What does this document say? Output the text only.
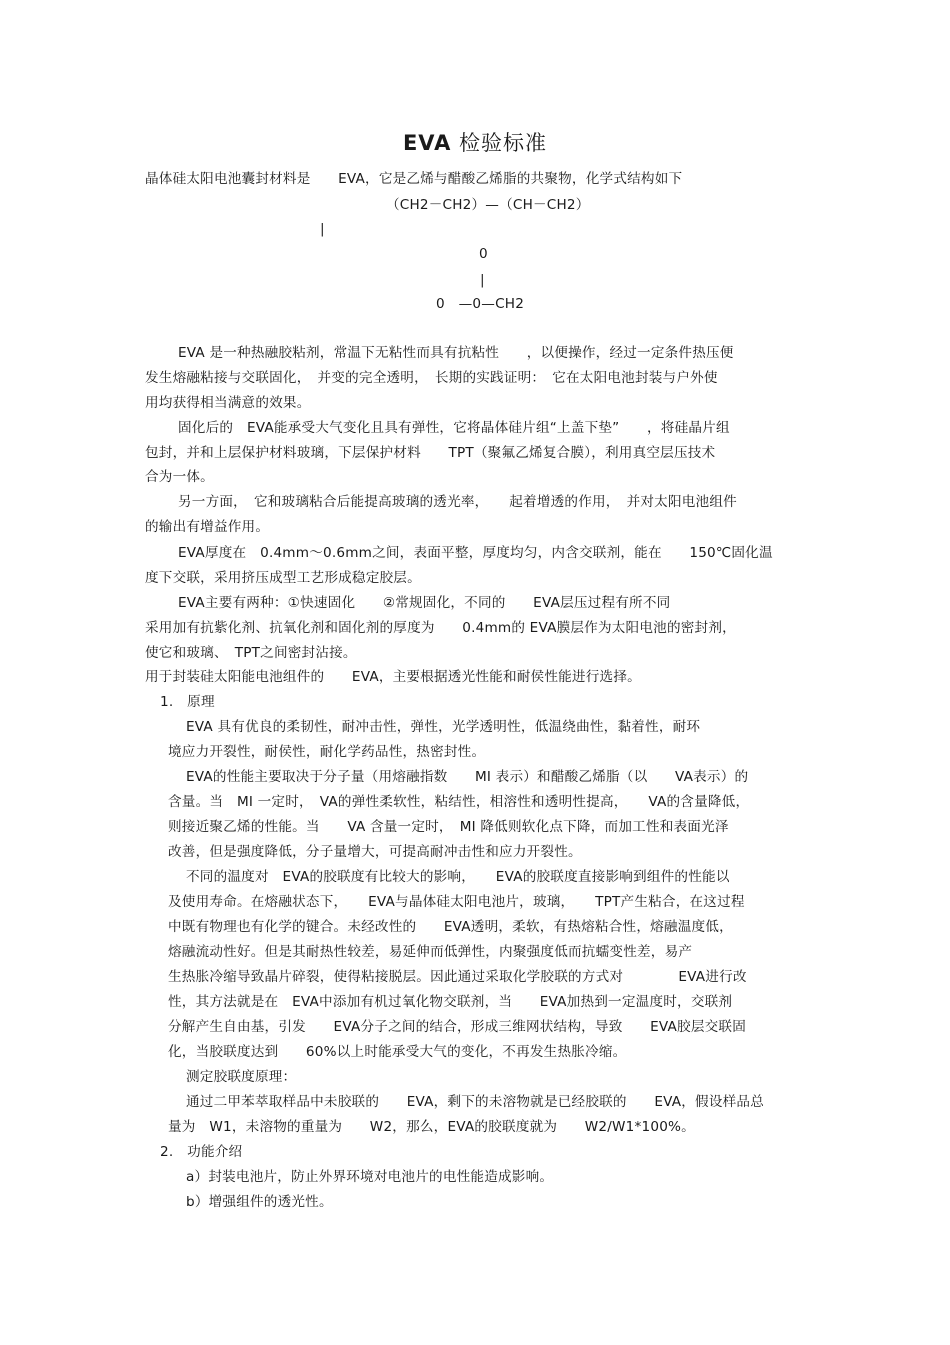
EVA 检验标准
晶体硅太阳电池囊封材料是　　EVA，它是乙烯与醋酸乙烯脂的共聚物，化学式结构如下
（CH2－CH2）—（CH－CH2）
|
0
|
0　—0—CH2
EVA 是一种热融胶粘剂，常温下无粘性而具有抗粘性　　，以便操作，经过一定条件热压便
发生熔融粘接与交联固化，　并变的完全透明，　长期的实践证明：　它在太阳电池封装与户外使
用均获得相当满意的效果。
固化后的　EVA能承受大气变化且具有弹性，它将晶体硅片组“上盖下垫”　　，将硅晶片组
包封，并和上层保护材料玻璃，下层保护材料　　TPT（聚氟乙烯复合膜），利用真空层压技术
合为一体。
另一方面，　它和玻璃粘合后能提高玻璃的透光率，　　起着增透的作用，　并对太阳电池组件
的输出有增益作用。
EVA厚度在　0.4mm～0.6mm之间，表面平整，厚度均匀，内含交联剂，能在　　150℃固化温
度下交联，采用挤压成型工艺形成稳定胶层。
EVA主要有两种：①快速固化　　②常规固化，不同的　　EVA层压过程有所不同
采用加有抗紫化剂、抗氧化剂和固化剂的厚度为　　0.4mm的 EVA膜层作为太阳电池的密封剂，
使它和玻璃、　TPT之间密封沾接。
用于封装硅太阳能电池组件的　　EVA，主要根据透光性能和耐侯性能进行选择。
1.　原理
EVA 具有优良的柔韧性，耐冲击性，弹性，光学透明性，低温绕曲性，黏着性，耐环
境应力开裂性，耐侯性，耐化学药品性，热密封性。
EVA的性能主要取决于分子量（用熔融指数　　MI 表示）和醋酸乙烯脂（以　　VA表示）的
含量。当　MI 一定时，　VA的弹性柔软性，粘结性，相溶性和透明性提高，　　VA的含量降低，
则接近聚乙烯的性能。当　　VA 含量一定时，　MI 降低则软化点下降，而加工性和表面光泽
改善，但是强度降低，分子量增大，可提高耐冲击性和应力开裂性。
不同的温度对　EVA的胶联度有比较大的影响，　　EVA的胶联度直接影响到组件的性能以
及使用寿命。在熔融状态下，　　EVA与晶体硅太阳电池片，玻璃，　　TPT产生粘合，在这过程
中既有物理也有化学的键合。未经改性的　　EVA透明，柔软，有热熔粘合性，熔融温度低，
熔融流动性好。但是其耐热性较差，易延伸而低弹性，内聚强度低而抗蠕变性差，易产
生热胀冷缩导致晶片碎裂，使得粘接脱层。因此通过采取化学胶联的方式对　　　　EVA进行改
性，其方法就是在　EVA中添加有机过氧化物交联剂，当　　EVA加热到一定温度时，交联剂
分解产生自由基，引发　　EVA分子之间的结合，形成三维网状结构，导致　　EVA胶层交联固
化，当胶联度达到　　60%以上时能承受大气的变化，不再发生热胀冷缩。
测定胶联度原理：
通过二甲苯萃取样品中未胶联的　　EVA，剩下的未溶物就是已经胶联的　　EVA，假设样品总
量为　W1，未溶物的重量为　　W2，那么，EVA的胶联度就为　　W2/W1*100%。
2.　功能介绍
a）封装电池片，防止外界环境对电池片的电性能造成影响。
b）增强组件的透光性。
